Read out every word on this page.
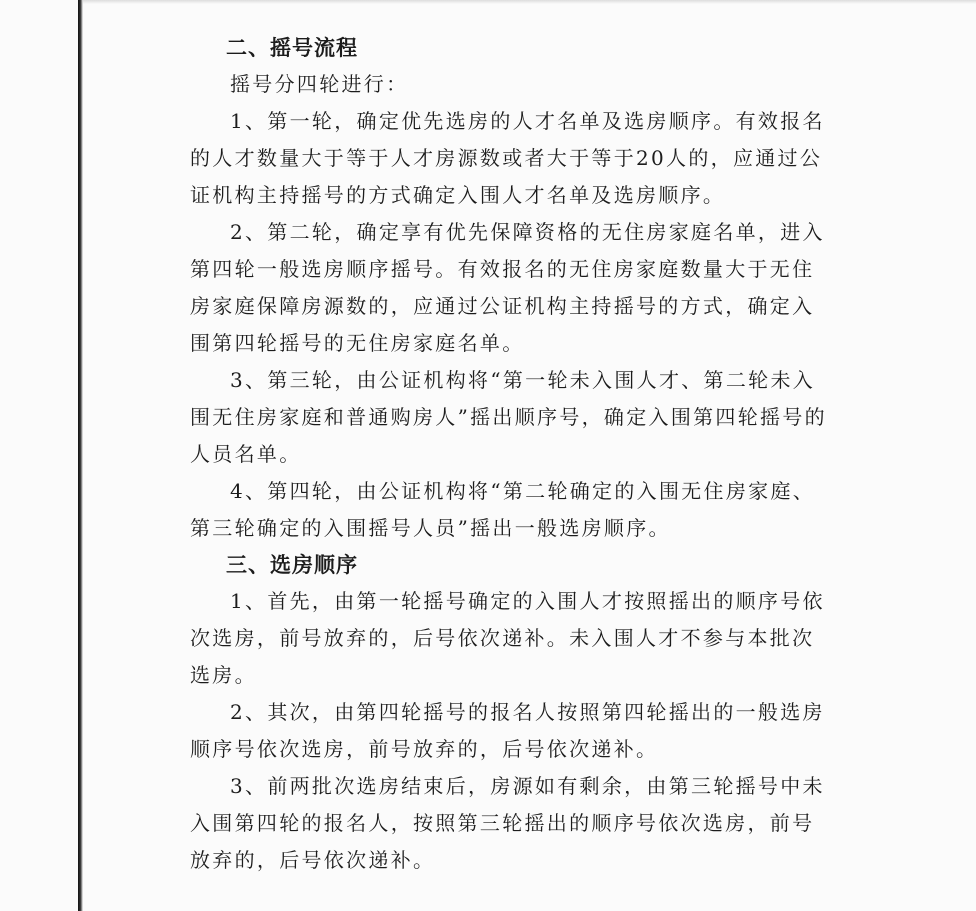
二、摇号流程

摇号分四轮进行：

1、第一轮，确定优先选房的人才名单及选房顺序。有效报名
的人才数量大于等于人才房源数或者大于等于20人的，应通过公
证机构主持摇号的方式确定入围人才名单及选房顺序。

2、第二轮，确定享有优先保障资格的无住房家庭名单，进入
第四轮一般选房顺序摇号。有效报名的无住房家庭数量大于无住
房家庭保障房源数的，应通过公证机构主持摇号的方式，确定入
围第四轮摇号的无住房家庭名单。

3、第三轮，由公证机构将“第一轮未入围人才、第二轮未入
围无住房家庭和普通购房人”摇出顺序号，确定入围第四轮摇号的
人员名单。

4、第四轮，由公证机构将“第二轮确定的入围无住房家庭、
第三轮确定的入围摇号人员”摇出一般选房顺序。

三、选房顺序

1、首先，由第一轮摇号确定的入围人才按照摇出的顺序号依
次选房，前号放弃的，后号依次递补。未入围人才不参与本批次
选房。

2、其次，由第四轮摇号的报名人按照第四轮摇出的一般选房
顺序号依次选房，前号放弃的，后号依次递补。

3、前两批次选房结束后，房源如有剩余，由第三轮摇号中未
入围第四轮的报名人，按照第三轮摇出的顺序号依次选房，前号
放弃的，后号依次递补。
